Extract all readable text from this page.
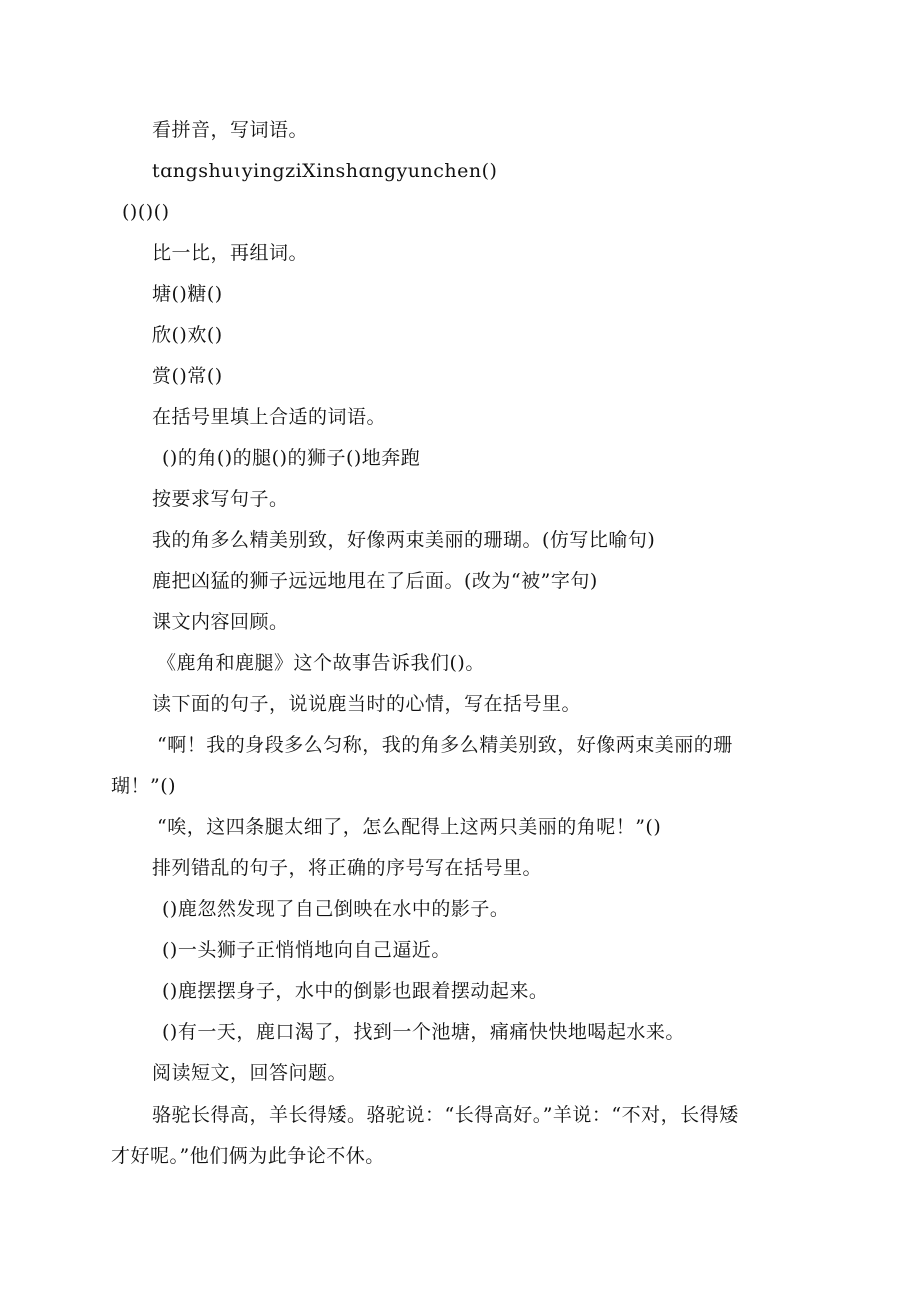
看拼音，写词语。

tɑngshuɩyingziXinshɑngyunchen()

()()()

比一比，再组词。

塘()糖()

欣()欢()

赏()常()

在括号里填上合适的词语。

()的角()的腿()的狮子()地奔跑

按要求写句子。

我的角多么精美别致，好像两束美丽的珊瑚。(仿写比喻句)

鹿把凶猛的狮子远远地甩在了后面。(改为“被”字句)

课文内容回顾。

《鹿角和鹿腿》这个故事告诉我们()。

读下面的句子，说说鹿当时的心情，写在括号里。

“啊！我的身段多么匀称，我的角多么精美别致，好像两束美丽的珊

瑚！”()

“唉，这四条腿太细了，怎么配得上这两只美丽的角呢！”()

排列错乱的句子，将正确的序号写在括号里。

()鹿忽然发现了自己倒映在水中的影子。

()一头狮子正悄悄地向自己逼近。

()鹿摆摆身子，水中的倒影也跟着摆动起来。

()有一天，鹿口渴了，找到一个池塘，痛痛快快地喝起水来。

阅读短文，回答问题。

骆驼长得高，羊长得矮。骆驼说：“长得高好。”羊说：“不对，长得矮

才好呢。”他们俩为此争论不休。
